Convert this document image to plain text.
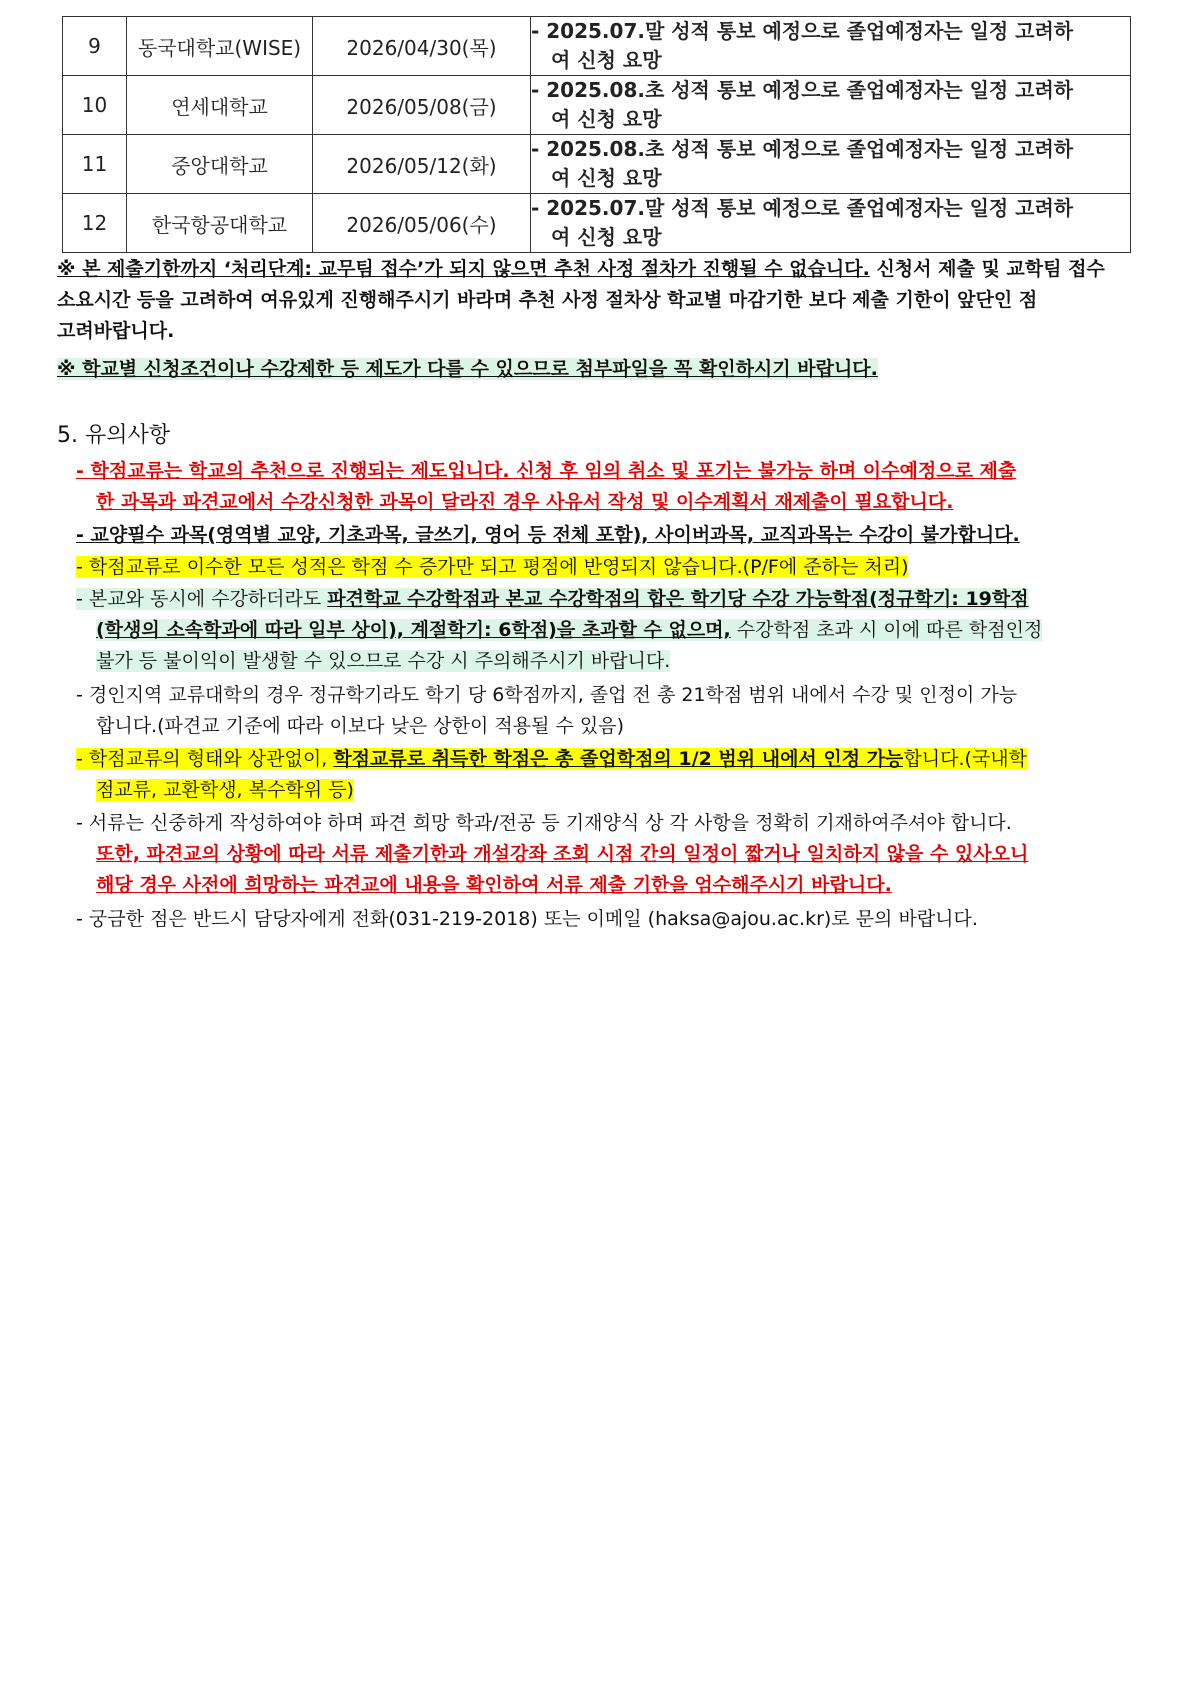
9	동국대학교(WISE)	2026/04/30(목)	- 2025.07.말 성적 통보 예정으로 졸업예정자는 일정 고려하
여 신청 요망

10	연세대학교	2026/05/08(금)	- 2025.08.초 성적 통보 예정으로 졸업예정자는 일정 고려하
여 신청 요망

11	중앙대학교	2026/05/12(화)	- 2025.08.초 성적 통보 예정으로 졸업예정자는 일정 고려하
여 신청 요망

12	한국항공대학교	2026/05/06(수)	- 2025.07.말 성적 통보 예정으로 졸업예정자는 일정 고려하
여 신청 요망
※ 본 제출기한까지 ‘처리단계: 교무팀 접수’가 되지 않으면 추천 사정 절차가 진행될 수 없습니다. 신청서 제출 및 교학팀 접수 소요시간 등을 고려하여 여유있게 진행해주시기 바라며 추천 사정 절차상 학교별 마감기한 보다 제출 기한이 앞단인 점 고려바랍니다.
※ 학교별 신청조건이나 수강제한 등 제도가 다를 수 있으므로 첨부파일을 꼭 확인하시기 바랍니다.
5. 유의사항
- 학점교류는 학교의 추천으로 진행되는 제도입니다. 신청 후 임의 취소 및 포기는 불가능 하며 이수예정으로 제출
한 과목과 파견교에서 수강신청한 과목이 달라진 경우 사유서 작성 및 이수계획서 재제출이 필요합니다.
- 교양필수 과목(영역별 교양, 기초과목, 글쓰기, 영어 등 전체 포함), 사이버과목, 교직과목는 수강이 불가합니다.
- 학점교류로 이수한 모든 성적은 학점 수 증가만 되고 평점에 반영되지 않습니다.(P/F에 준하는 처리)
- 본교와 동시에 수강하더라도 파견학교 수강학점과 본교 수강학점의 합은 학기당 수강 가능학점(정규학기: 19학점
(학생의 소속학과에 따라 일부 상이), 계절학기: 6학점)을 초과할 수 없으며, 수강학점 초과 시 이에 따른 학점인정
불가 등 불이익이 발생할 수 있으므로 수강 시 주의해주시기 바랍니다.
- 경인지역 교류대학의 경우 정규학기라도 학기 당 6학점까지, 졸업 전 총 21학점 범위 내에서 수강 및 인정이 가능
합니다.(파견교 기준에 따라 이보다 낮은 상한이 적용될 수 있음)
- 학점교류의 형태와 상관없이, 학점교류로 취득한 학점은 총 졸업학점의 1/2 범위 내에서 인정 가능합니다.(국내학
점교류, 교환학생, 복수학위 등)
- 서류는 신중하게 작성하여야 하며 파견 희망 학과/전공 등 기재양식 상 각 사항을 정확히 기재하여주셔야 합니다.
또한, 파견교의 상황에 따라 서류 제출기한과 개설강좌 조회 시점 간의 일정이 짧거나 일치하지 않을 수 있사오니
해당 경우 사전에 희망하는 파견교에 내용을 확인하여 서류 제출 기한을 엄수해주시기 바랍니다.
- 궁금한 점은 반드시 담당자에게 전화(031-219-2018) 또는 이메일 (haksa@ajou.ac.kr)로 문의 바랍니다.
